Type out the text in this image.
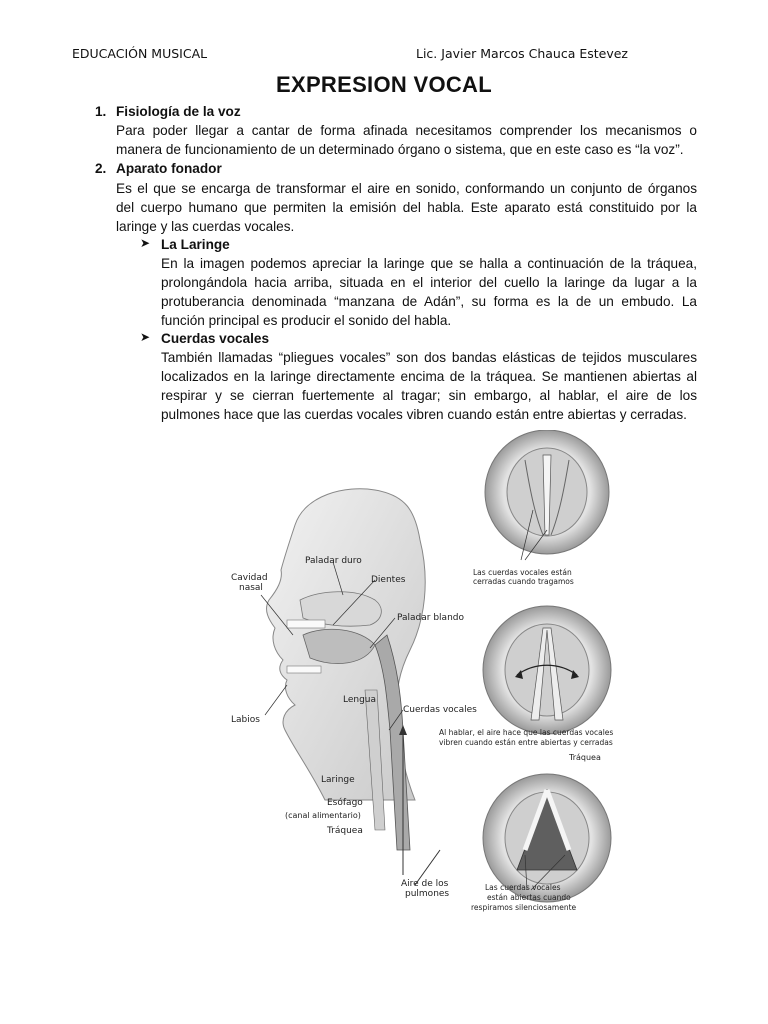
EDUCACIÓN MUSICAL	Lic. Javier Marcos Chauca Estevez
EXPRESION VOCAL
1. Fisiología de la voz
Para poder llegar a cantar de forma afinada necesitamos comprender los mecanismos o
manera de funcionamiento de un determinado órgano o sistema, que en este caso es “la voz”.
2. Aparato fonador
Es el que se encarga de transformar el aire en sonido, conformando un conjunto de órganos
del cuerpo humano que permiten la emisión del habla. Este aparato está constituido por la
laringe y las cuerdas vocales.
➤ La Laringe
En la imagen podemos apreciar la laringe que se halla a continuación de la tráquea,
prolongándola hacia arriba, situada en el interior del cuello la laringe da lugar a la
protuberancia denominada “manzana de Adán”, su forma es la de un embudo. La
función principal es producir el sonido del habla.
➤ Cuerdas vocales
También llamadas “pliegues vocales” son dos bandas elásticas de tejidos musculares
localizados en la laringe directamente encima de la tráquea. Se mantienen abiertas al
respirar y se cierran fuertemente al tragar; sin embargo, al hablar, el aire de los
pulmones hace que las cuerdas vocales vibren cuando están entre abiertas y cerradas.
Paladar duro
Cavidad
nasal
Dientes
Paladar blando
Lengua
Labios
Cuerdas vocales
Laringe
Esófago
(canal alimentario)
Tráquea
Aire de los
pulmones
Las cuerdas vocales están
cerradas cuando tragamos
Al hablar, el aire hace que las cuerdas vocales
vibren cuando están entre abiertas y cerradas
Tráquea
Las cuerdas vocales
están abiertas cuando
respiramos silenciosamente
